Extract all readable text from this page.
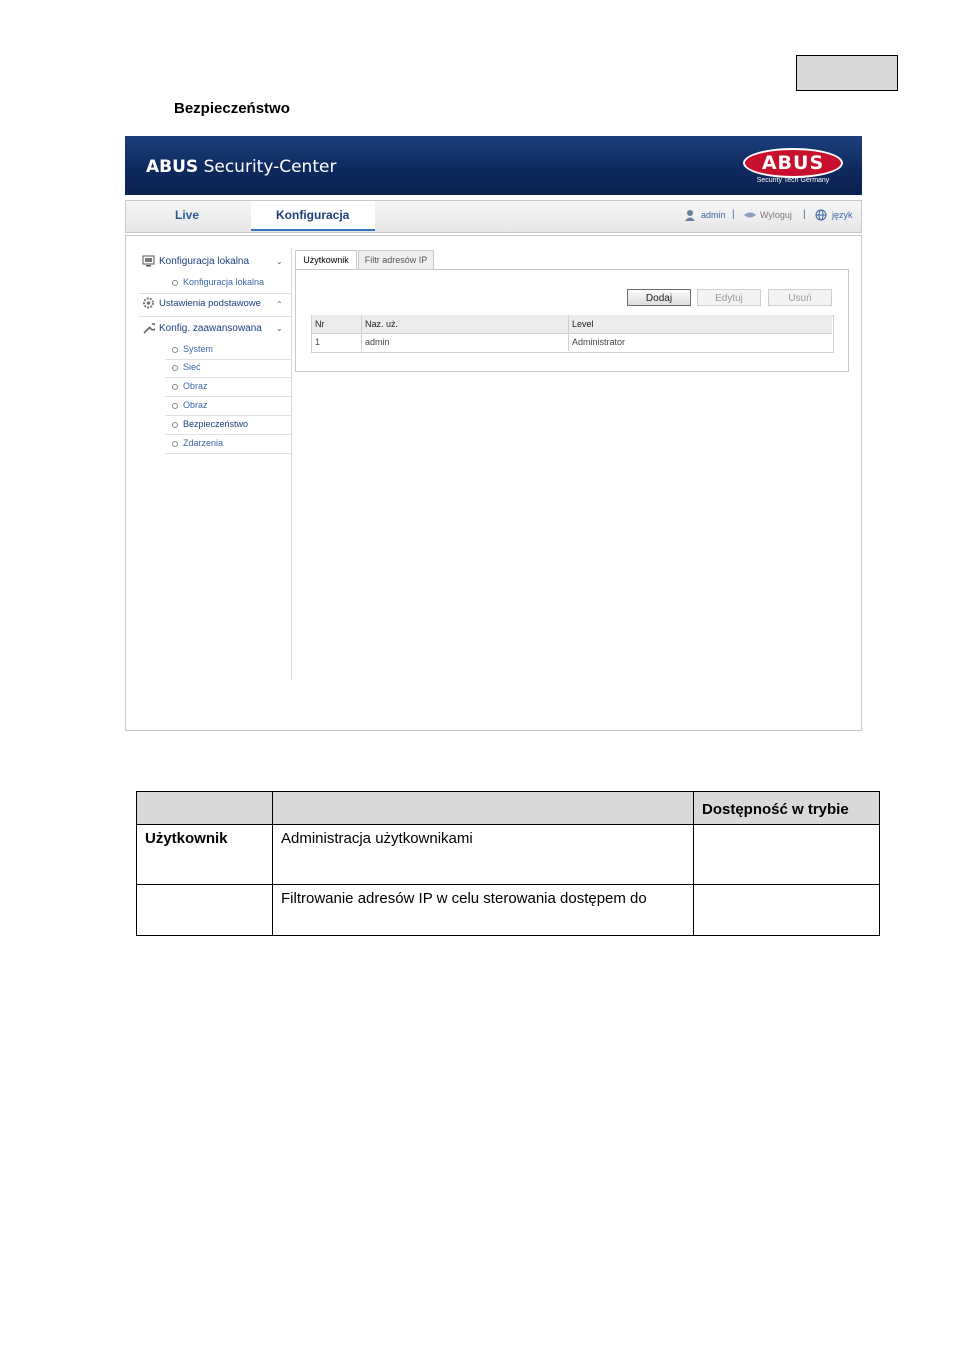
Bezpieczeństwo
ABUS Security-Center	ABUS
Security Tech Germany
Live	Konfiguracja	admin |	Wyloguj |	język
Konfiguracja lokalna	⌄
Konfiguracja lokalna
Ustawienia podstawowe ⌃
Konfig. zaawansowana ⌄
System
Sieć
Obraz
Obraz
Bezpieczeństwo
Zdarzenia
Użytkownik	Filtr adresów IP
Dodaj	Edytuj	Usuń
Nr	Naz. uż.	Level
1	admin	Administrator
		Dostępność w trybie
Użytkownik	Administracja użytkownikami	
	Filtrowanie adresów IP w celu sterowania dostępem do	
